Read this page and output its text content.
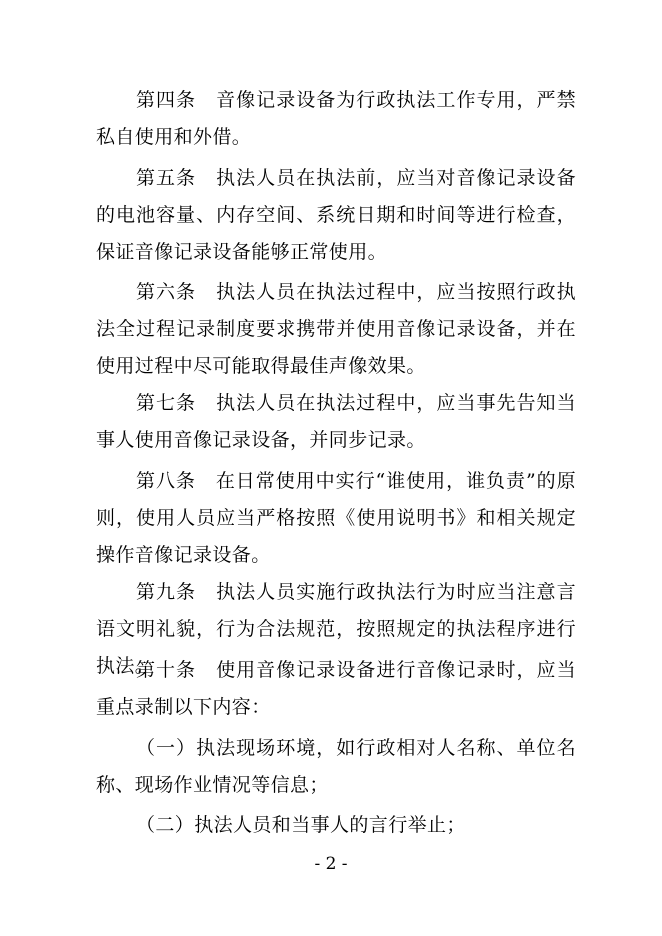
第四条　音像记录设备为行政执法工作专用，严禁私自使用和外借。

第五条　执法人员在执法前，应当对音像记录设备的电池容量、内存空间、系统日期和时间等进行检查，保证音像记录设备能够正常使用。

第六条　执法人员在执法过程中，应当按照行政执法全过程记录制度要求携带并使用音像记录设备，并在使用过程中尽可能取得最佳声像效果。

第七条　执法人员在执法过程中，应当事先告知当事人使用音像记录设备，并同步记录。

第八条　在日常使用中实行“谁使用，谁负责”的原则，使用人员应当严格按照《使用说明书》和相关规定操作音像记录设备。

第九条　执法人员实施行政执法行为时应当注意言语文明礼貌，行为合法规范，按照规定的执法程序进行执法。

第十条　使用音像记录设备进行音像记录时，应当重点录制以下内容：

（一）执法现场环境，如行政相对人名称、单位名称、现场作业情况等信息；

（二）执法人员和当事人的言行举止；

- 2 -
